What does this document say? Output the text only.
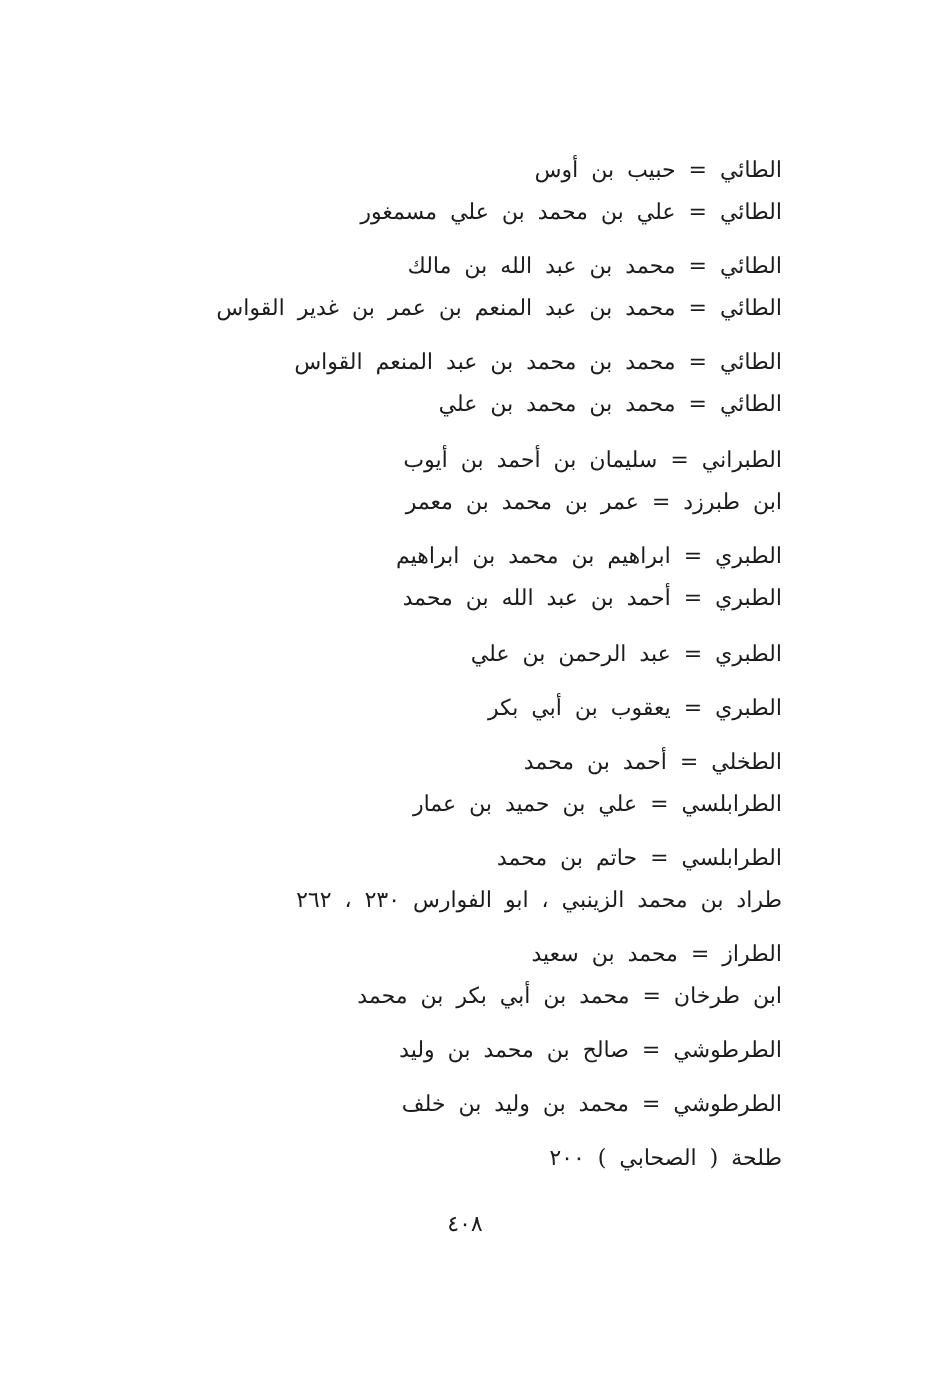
الطائي = حبيب بن أوس
الطائي = علي بن محمد بن علي مسمغور
الطائي = محمد بن عبد الله بن مالك
الطائي = محمد بن عبد المنعم بن عمر بن غدير القواس
الطائي = محمد بن محمد بن عبد المنعم القواس
الطائي = محمد بن محمد بن علي
الطبراني = سليمان بن أحمد بن أيوب
ابن طبرزد = عمر بن محمد بن معمر
الطبري = ابراهيم بن محمد بن ابراهيم
الطبري = أحمد بن عبد الله بن محمد
الطبري = عبد الرحمن بن علي
الطبري = يعقوب بن أبي بكر
الطخلي = أحمد بن محمد
الطرابلسي = علي بن حميد بن عمار
الطرابلسي = حاتم بن محمد
طراد بن محمد الزينبي ، ابو الفوارس ٢٣٠ ، ٢٦٢
الطراز = محمد بن سعيد
ابن طرخان = محمد بن أبي بكر بن محمد
الطرطوشي = صالح بن محمد بن وليد
الطرطوشي = محمد بن وليد بن خلف
طلحة ( الصحابي ) ٢٠٠
٤٠٨
